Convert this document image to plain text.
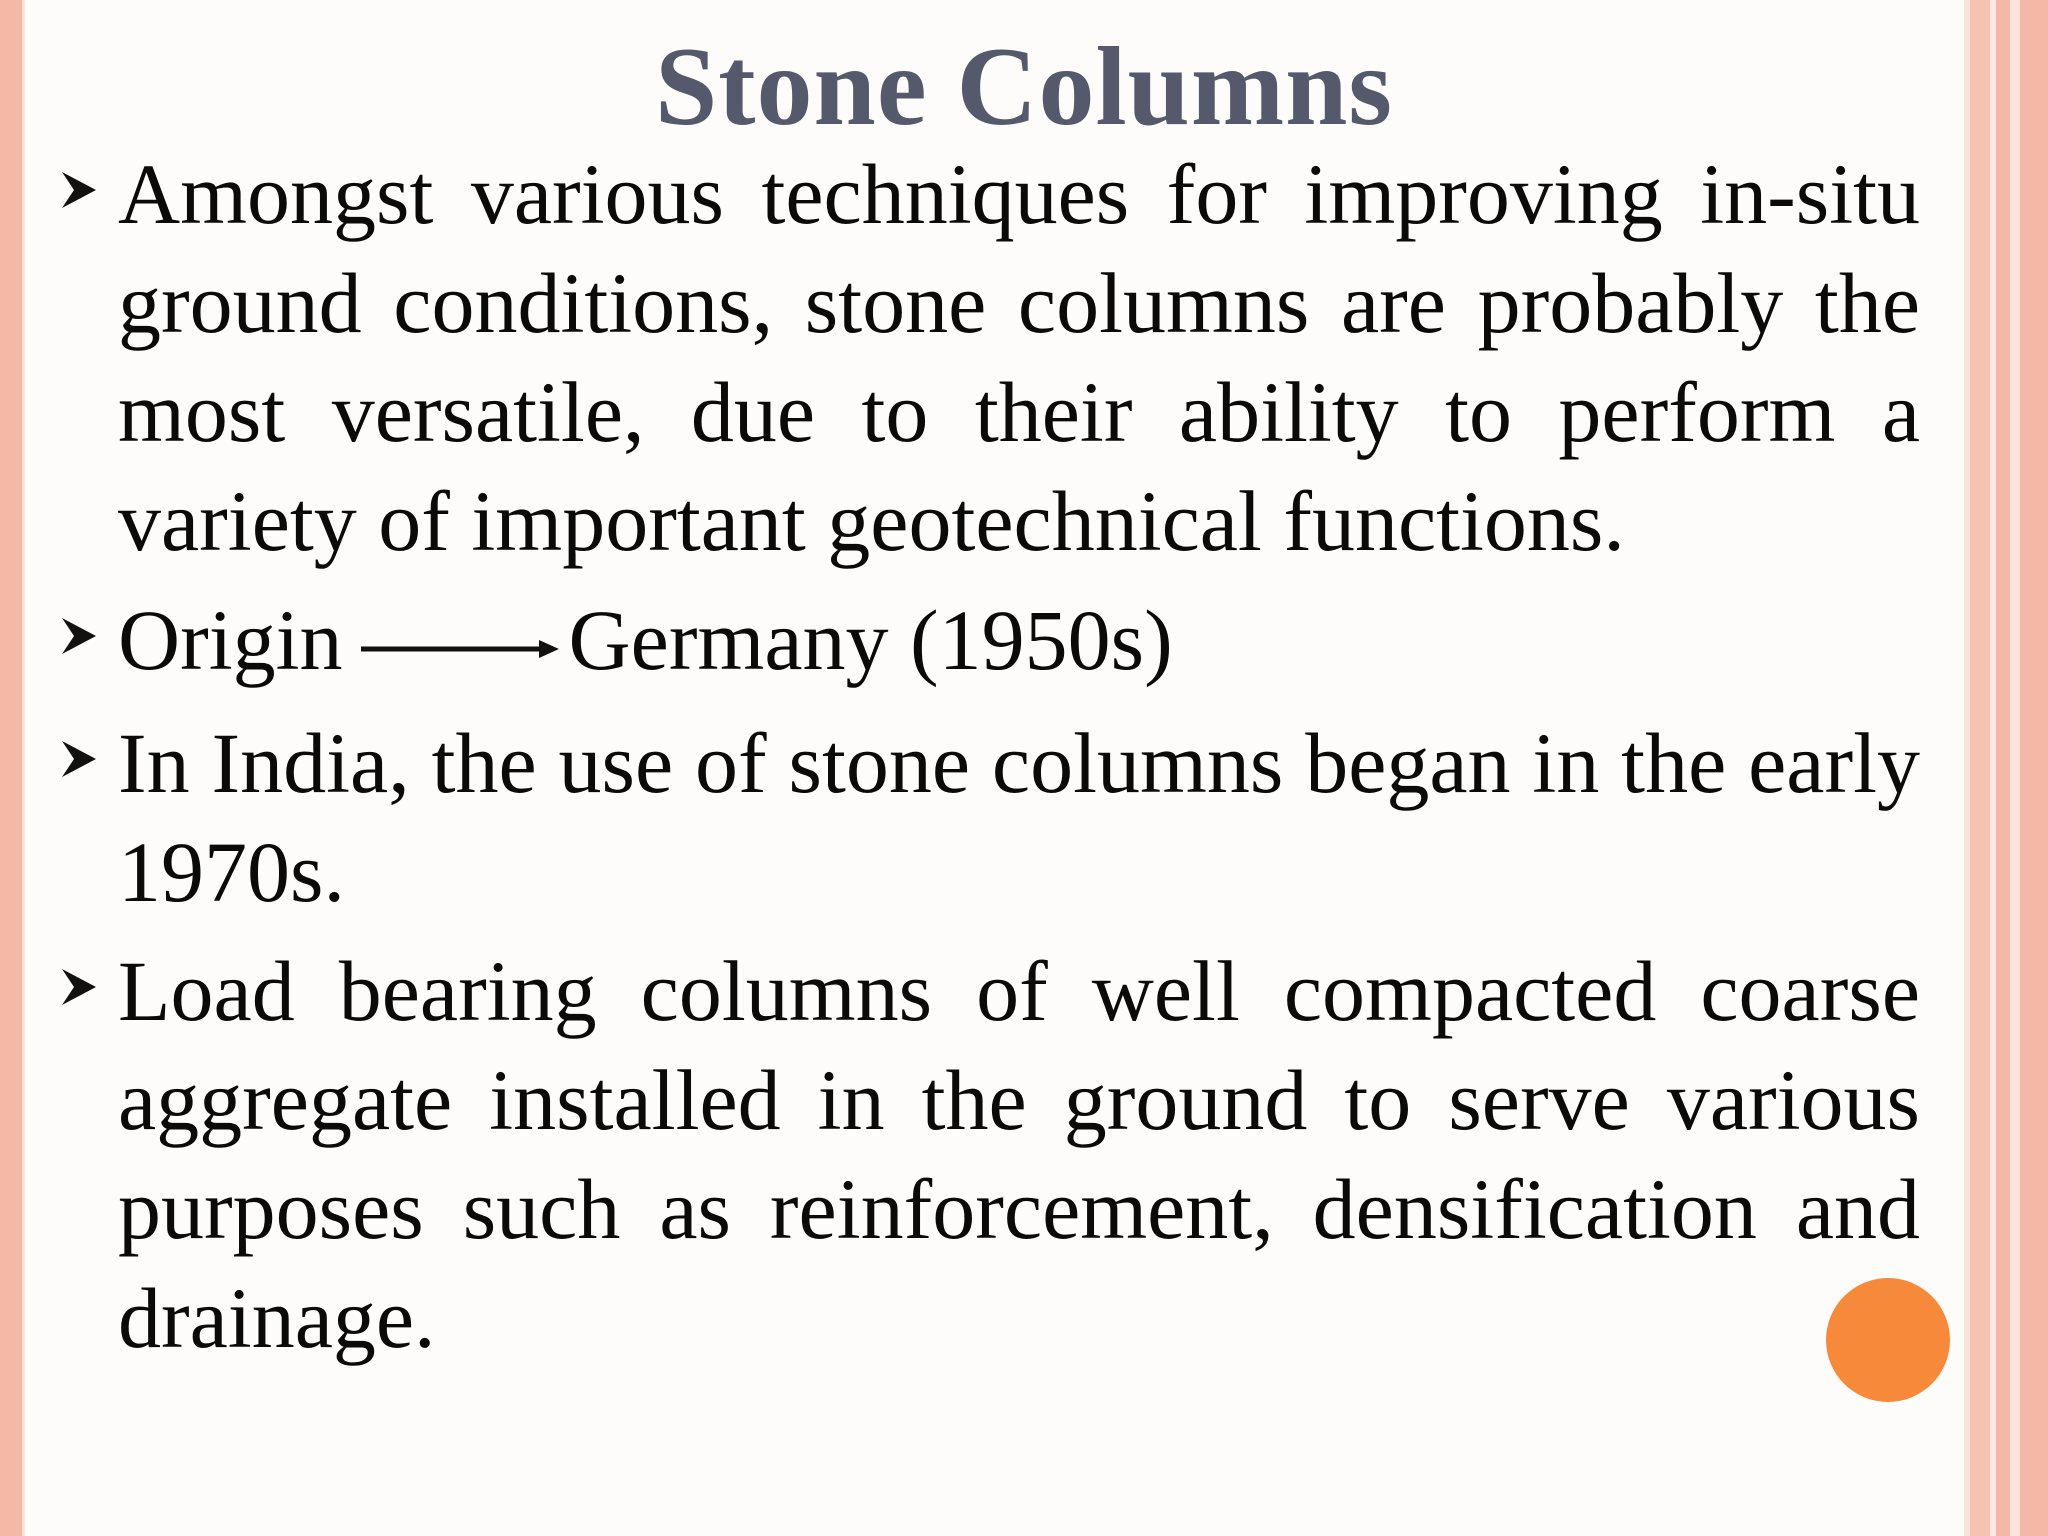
Stone Columns
Amongst various techniques for improving in-situ ground conditions, stone columns are probably the most versatile, due to their ability to perform a variety of important geotechnical functions.
Origin	Germany (1950s)
In India, the use of stone columns began in the early 1970s.
Load bearing columns of well compacted coarse aggregate installed in the ground to serve various purposes such as reinforcement, densification and drainage.
